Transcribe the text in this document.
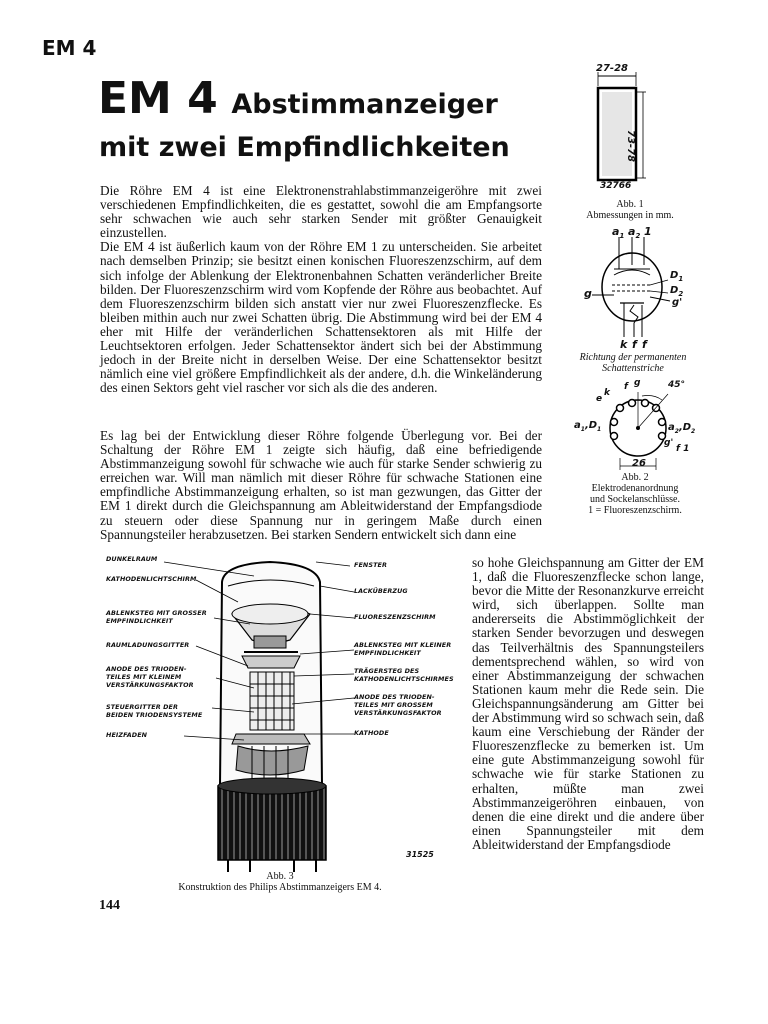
EM 4
EM 4 Abstimmanzeiger
mit zwei Empfindlichkeiten

Die Röhre EM 4 ist eine Elektronenstrahlabstimmanzeigeröhre mit zwei verschiedenen Empfindlichkeiten, die es gestattet, sowohl die am Empfangsorte sehr schwachen wie auch sehr starken Sender mit größter Genauigkeit einzustellen.

Die EM 4 ist äußerlich kaum von der Röhre EM 1 zu unterscheiden. Sie arbeitet nach demselben Prinzip; sie besitzt einen konischen Fluoreszenzschirm, auf dem sich infolge der Ablenkung der Elektronenbahnen Schatten veränderlicher Breite bilden. Der Fluoreszenzschirm wird vom Kopfende der Röhre aus beobachtet. Auf dem Fluoreszenzschirm bilden sich anstatt vier nur zwei Fluoreszenzflecke. Es bleiben mithin auch nur zwei Schatten übrig. Die Abstimmung wird bei der EM 4 eher mit Hilfe der veränderlichen Schattensektoren als mit Hilfe der Leuchtsektoren erfolgen. Jeder Schattensektor ändert sich bei der Abstimmung jedoch in der Breite nicht in derselben Weise. Der eine Schattensektor besitzt nämlich eine viel größere Empfindlichkeit als der andere, d.h. die Winkeländerung des einen Sektors geht viel rascher vor sich als die des anderen.

Es lag bei der Entwicklung dieser Röhre folgende Überlegung vor. Bei der Schaltung der Röhre EM 1 zeigte sich häufig, daß eine befriedigende Abstimmanzeigung sowohl für schwache wie auch für starke Sender schwierig zu erreichen war. Will man nämlich mit dieser Röhre für schwache Stationen eine empfindliche Abstimmanzeigung erhalten, so ist man gezwungen, das Gitter der EM 1 direkt durch die Gleichspannung am Ableitwiderstand der Empfangsdiode zu steuern oder diese Spannung nur in geringem Maße durch einen Spannungsteiler herabzusetzen. Bei starken Sendern entwickelt sich dann eine

so hohe Gleichspannung am Gitter der EM 1, daß die Fluoreszenzflecke schon lange, bevor die Mitte der Resonanzkurve erreicht wird, sich überlappen. Sollte man andererseits die Abstimmöglichkeit der starken Sender bevorzugen und deswegen das Teilverhältnis des Spannungsteilers dementsprechend wählen, so wird von einer Abstimmanzeigung der schwachen Stationen kaum mehr die Rede sein. Die Gleichspannungsänderung am Gitter bei der Abstimmung wird so schwach sein, daß kaum eine Verschiebung der Ränder der Fluoreszenzflecke zu bemerken ist. Um eine gute Abstimmanzeigung sowohl für schwache wie für starke Stationen zu erhalten, müßte man zwei Abstimmanzeigeröhren einbauen, von denen die eine direkt und die andere über einen Spannungsteiler mit dem Ableitwiderstand der Empfangsdiode

27-28
73-78
32766
Abb. 1
Abmessungen in mm.
$a_1$ $a_2$ 1
$D_1$
$D_2$
g
g'
k f f
Richtung der permanenten
Schattenstriche
e
k
f g	45°
$a_1,D_1$	$a_2,D_2$
g'
f 1
26
Abb. 2
Elektrodenanordnung
und Sockelanschlüsse.
1 = Fluoreszenzschirm.
DUNKELRAUM
KATHODENLICHTSCHIRM
ABLENKSTEG MIT GROSSER
EMPFINDLICHKEIT
RAUMLADUNGSGITTER
ANODE DES TRIODEN-
TEILES MIT KLEINEM
VERSTÄRKUNGSFAKTOR
STEUERGITTER DER
BEIDEN TRIODENSYSTEME
HEIZFADEN
FENSTER
LACKÜBERZUG
FLUORESZENZSCHIRM
ABLENKSTEG MIT KLEINER
EMPFINDLICHKEIT
TRÄGERSTEG DES
KATHODENLICHTSCHIRMES
ANODE DES TRIODEN-
TEILES MIT GROSSEM
VERSTÄRKUNGSFAKTOR
KATHODE
31525
Abb. 3
Konstruktion des Philips Abstimmanzeigers EM 4.
144
